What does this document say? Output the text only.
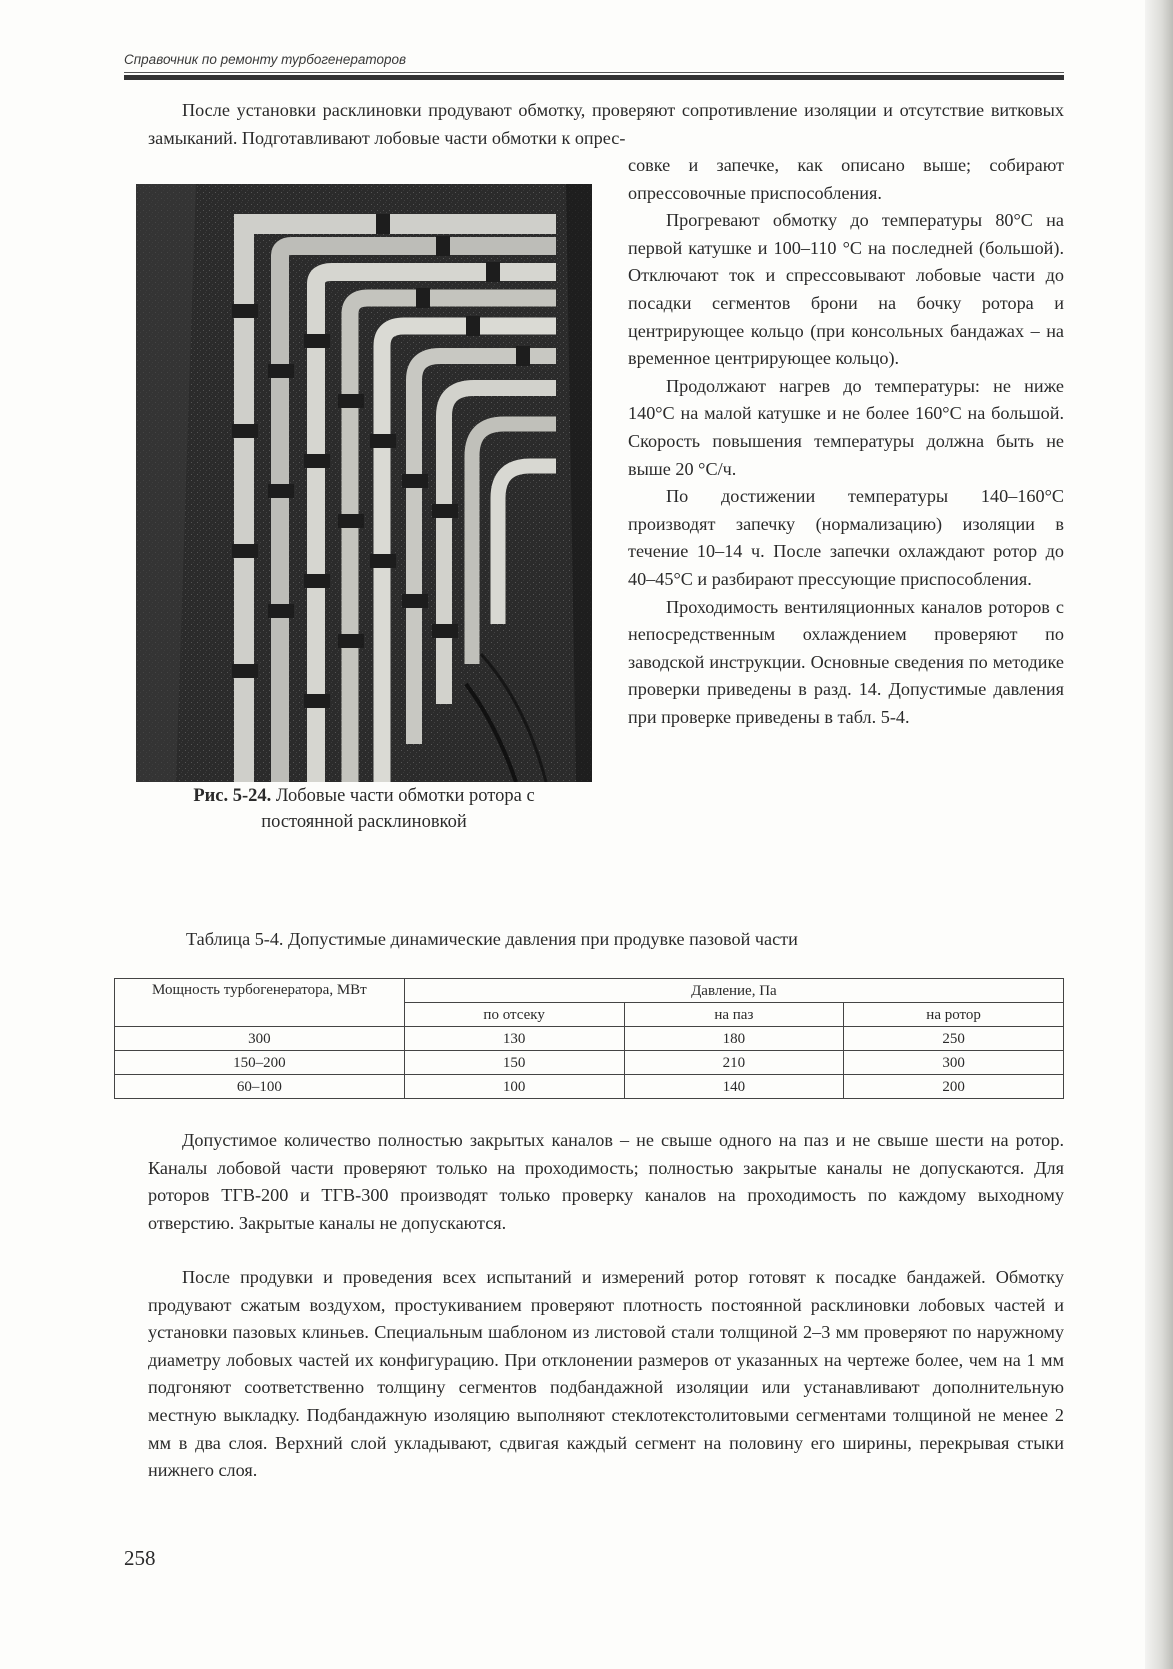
Справочник по ремонту турбогенераторов

После установки расклиновки продувают обмотку, проверяют сопротивление изоляции и отсутствие витковых замыканий. Подготавливают лобовые части обмотки к опрес-

Рис. 5-24. Лобовые части обмотки ротора с постоянной расклиновкой

совке и запечке, как описано выше; собирают опрессовочные приспособления.

Прогревают обмотку до температуры 80°С на первой катушке и 100–110 °С на последней (большой). Отключают ток и спрессовывают лобовые части до посадки сегментов брони на бочку ротора и центрирующее кольцо (при консольных бандажах – на временное центрирующее кольцо).

Продолжают нагрев до температуры: не ниже 140°С на малой катушке и не более 160°С на большой. Скорость повышения температуры должна быть не выше 20 °С/ч.

По достижении температуры 140–160°С производят запечку (нормализацию) изоляции в течение 10–14 ч. После запечки охлаждают ротор до 40–45°С и разбирают прессующие приспособления.

Проходимость вентиляционных каналов роторов с непосредственным охлаждением проверяют по заводской инструкции. Основные сведения по методике проверки приведены в разд. 14. Допустимые давления при проверке приведены в табл. 5-4.

Таблица 5-4. Допустимые динамические давления при продувке пазовой части
Мощность турбогенератора, МВт	Давление, Па		
	по отсеку	на паз	на ротор
300	130	180	250
150–200	150	210	300
60–100	100	140	200

Допустимое количество полностью закрытых каналов – не свыше одного на паз и не свыше шести на ротор. Каналы лобовой части проверяют только на проходимость; полностью закрытые каналы не допускаются. Для роторов ТГВ-200 и ТГВ-300 производят только проверку каналов на проходимость по каждому выходному отверстию. Закрытые каналы не допускаются.

После продувки и проведения всех испытаний и измерений ротор готовят к посадке бандажей. Обмотку продувают сжатым воздухом, простукиванием проверяют плотность постоянной расклиновки лобовых частей и установки пазовых клиньев. Специальным шаблоном из листовой стали толщиной 2–3 мм проверяют по наружному диаметру лобовых частей их конфигурацию. При отклонении размеров от указанных на чертеже более, чем на 1 мм подгоняют соответственно толщину сегментов подбандажной изоляции или устанавливают дополнительную местную выкладку. Подбандажную изоляцию выполняют стеклотекстолитовыми сегментами толщиной не менее 2 мм в два слоя. Верхний слой укладывают, сдвигая каждый сегмент на половину его ширины, перекрывая стыки нижнего слоя.

258
